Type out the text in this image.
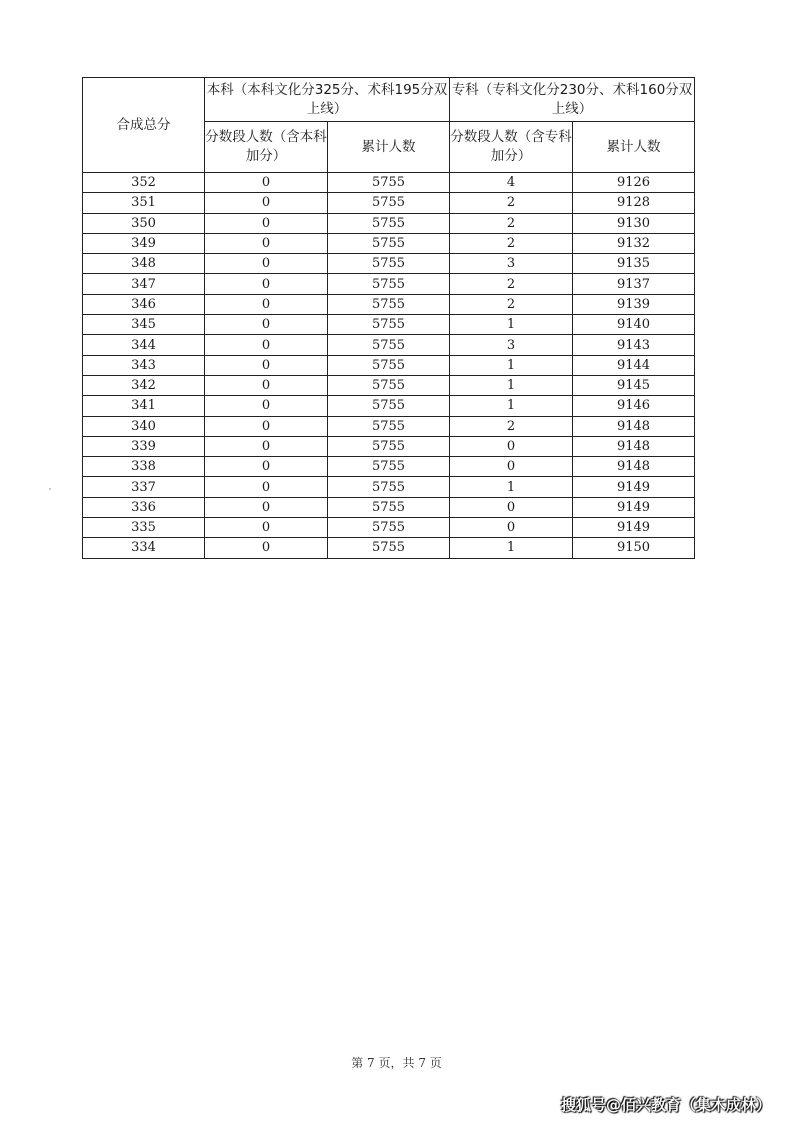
合成总分	本科（本科文化分325分、术科195分双上线）		专科（专科文化分230分、术科160分双上线）	
	分数段人数（含本科加分）	累计人数	分数段人数（含专科加分）	累计人数
352	0	5755	4	9126
351	0	5755	2	9128
350	0	5755	2	9130
349	0	5755	2	9132
348	0	5755	3	9135
347	0	5755	2	9137
346	0	5755	2	9139
345	0	5755	1	9140
344	0	5755	3	9143
343	0	5755	1	9144
342	0	5755	1	9145
341	0	5755	1	9146
340	0	5755	2	9148
339	0	5755	0	9148
338	0	5755	0	9148
337	0	5755	1	9149
336	0	5755	0	9149
335	0	5755	0	9149
334	0	5755	1	9150
第 7 页，共 7 页
搜狐号@佰兴教育（集木成林）
